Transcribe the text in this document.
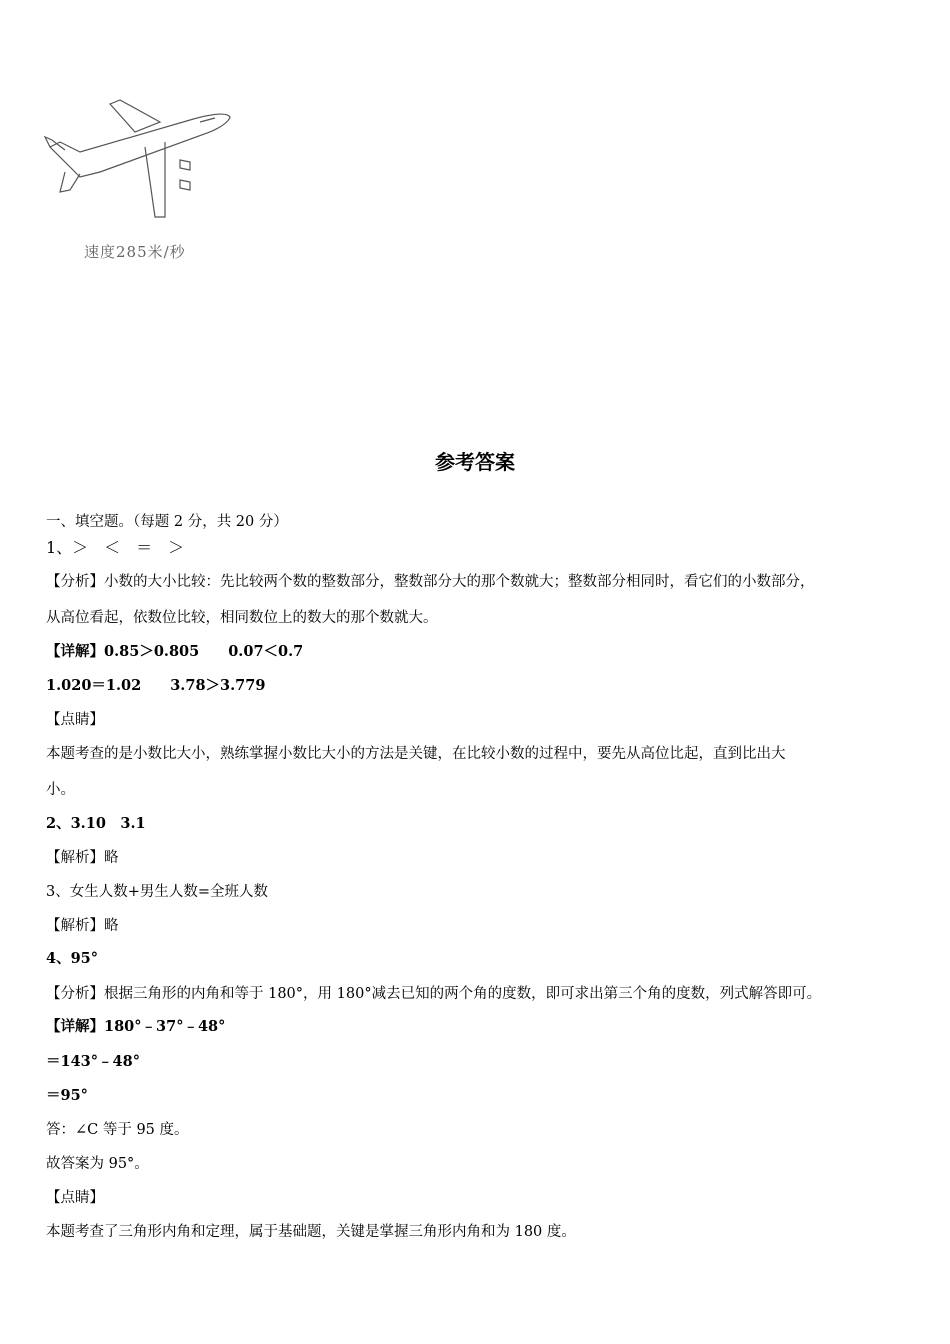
速度285米/秒
参考答案
一、填空题。（每题 2 分，共 20 分）
1、＞　＜　＝　＞
【分析】小数的大小比较：先比较两个数的整数部分，整数部分大的那个数就大；整数部分相同时，看它们的小数部分，
从高位看起，依数位比较，相同数位上的数大的那个数就大。
【详解】0.85＞0.805　　0.07＜0.7
1.020＝1.02　　3.78＞3.779
【点睛】
本题考查的是小数比大小，熟练掌握小数比大小的方法是关键，在比较小数的过程中，要先从高位比起，直到比出大
小。
2、3.10　3.1
【解析】略
3、女生人数+男生人数=全班人数
【解析】略
4、95°
【分析】根据三角形的内角和等于 180°，用 180°减去已知的两个角的度数，即可求出第三个角的度数，列式解答即可。
【详解】180°﹣37°﹣48°
＝143°﹣48°
＝95°
答：∠C 等于 95 度。
故答案为 95°。
【点睛】
本题考查了三角形内角和定理，属于基础题，关键是掌握三角形内角和为 180 度。
